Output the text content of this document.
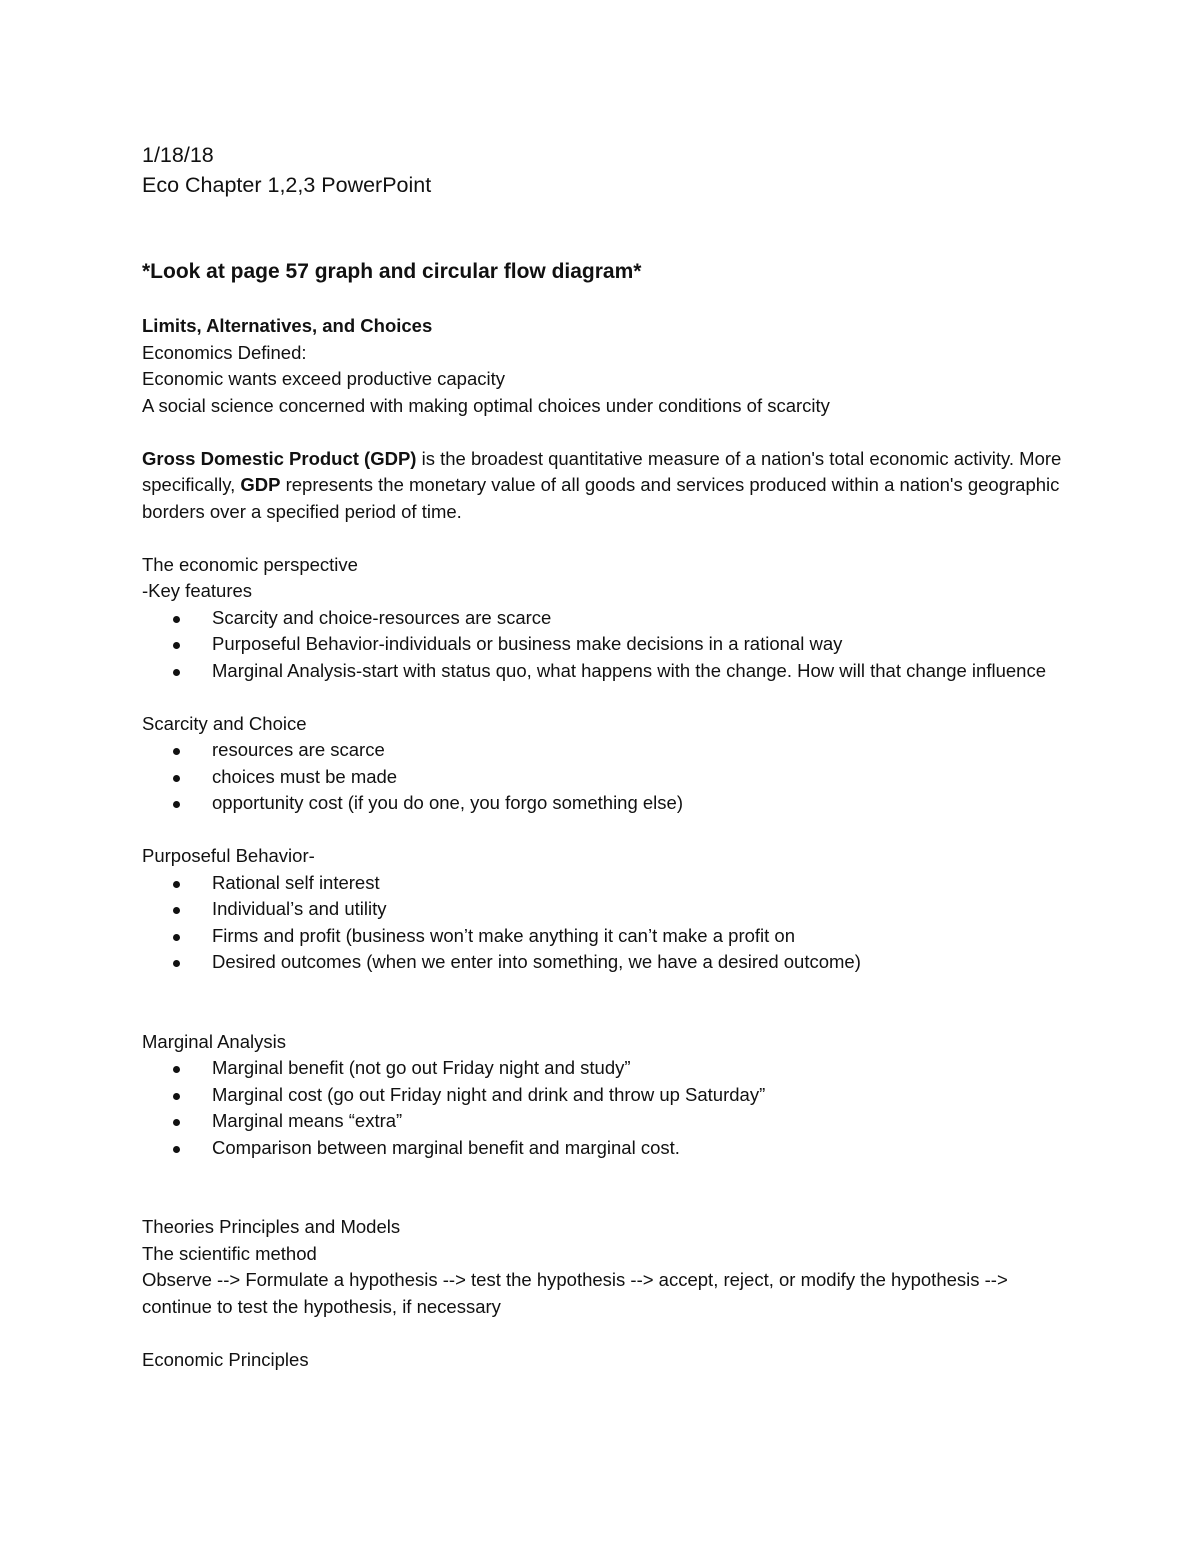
1/18/18
Eco Chapter 1,2,3 PowerPoint
*Look at page 57 graph and circular flow diagram*
Limits, Alternatives, and Choices
Economics Defined:
Economic wants exceed productive capacity
A social science concerned with making optimal choices under conditions of scarcity
Gross Domestic Product (GDP) is the broadest quantitative measure of a nation's total economic activity. More specifically, GDP represents the monetary value of all goods and services produced within a nation's geographic borders over a specified period of time.
The economic perspective
-Key features
Scarcity and choice-resources are scarce
Purposeful Behavior-individuals or business make decisions in a rational way
Marginal Analysis-start with status quo, what happens with the change. How will that change influence
Scarcity and Choice
resources are scarce
choices must be made
opportunity cost (if you do one, you forgo something else)
Purposeful Behavior-
Rational self interest
Individual’s and utility
Firms and profit (business won’t make anything it can’t make a profit on
Desired outcomes (when we enter into something, we have a desired outcome)
Marginal Analysis
Marginal benefit (not go out Friday night and study”
Marginal cost (go out Friday night and drink and throw up Saturday”
Marginal means “extra”
Comparison between marginal benefit and marginal cost.
Theories Principles and Models
The scientific method
Observe --> Formulate a hypothesis --> test the hypothesis --> accept, reject, or modify the hypothesis --> continue to test the hypothesis, if necessary
Economic Principles
